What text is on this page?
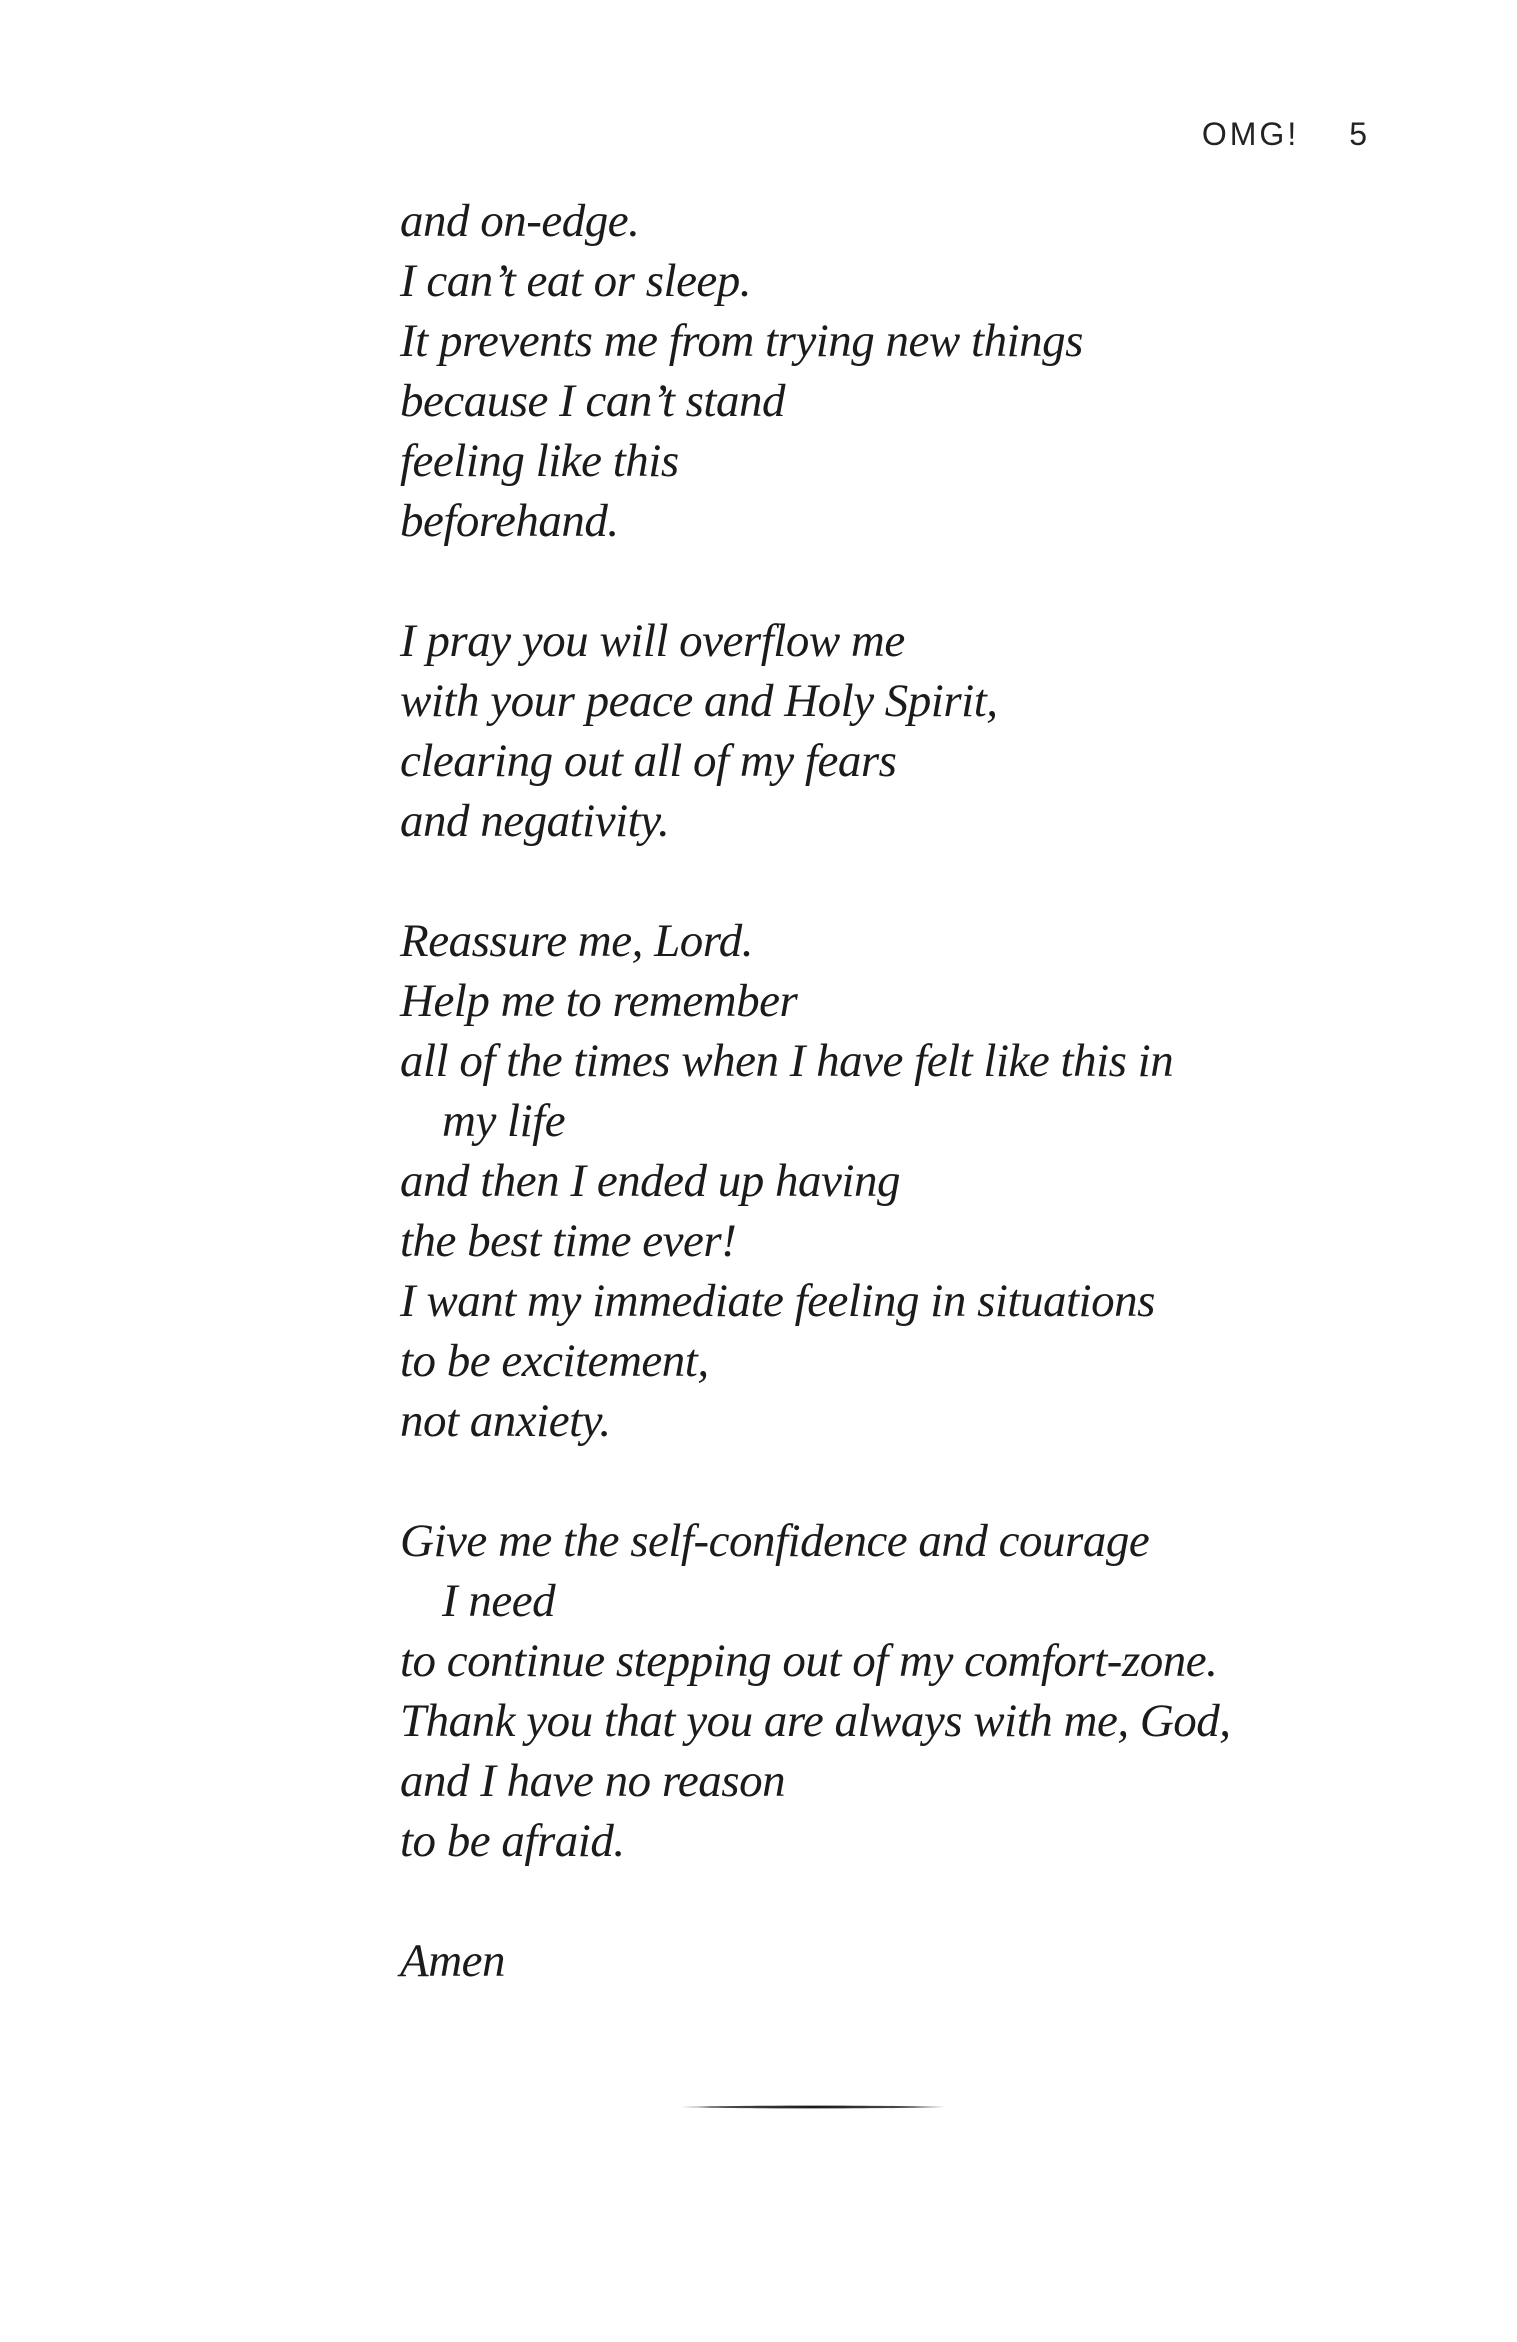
OMG! 5
and on-edge.
I can’t eat or sleep.
It prevents me from trying new things
because I can’t stand
feeling like this
beforehand.
I pray you will overflow me
with your peace and Holy Spirit,
clearing out all of my fears
and negativity.
Reassure me, Lord.
Help me to remember
all of the times when I have felt like this in
my life
and then I ended up having
the best time ever!
I want my immediate feeling in situations
to be excitement,
not anxiety.
Give me the self-confidence and courage
I need
to continue stepping out of my comfort-zone.
Thank you that you are always with me, God,
and I have no reason
to be afraid.
Amen
